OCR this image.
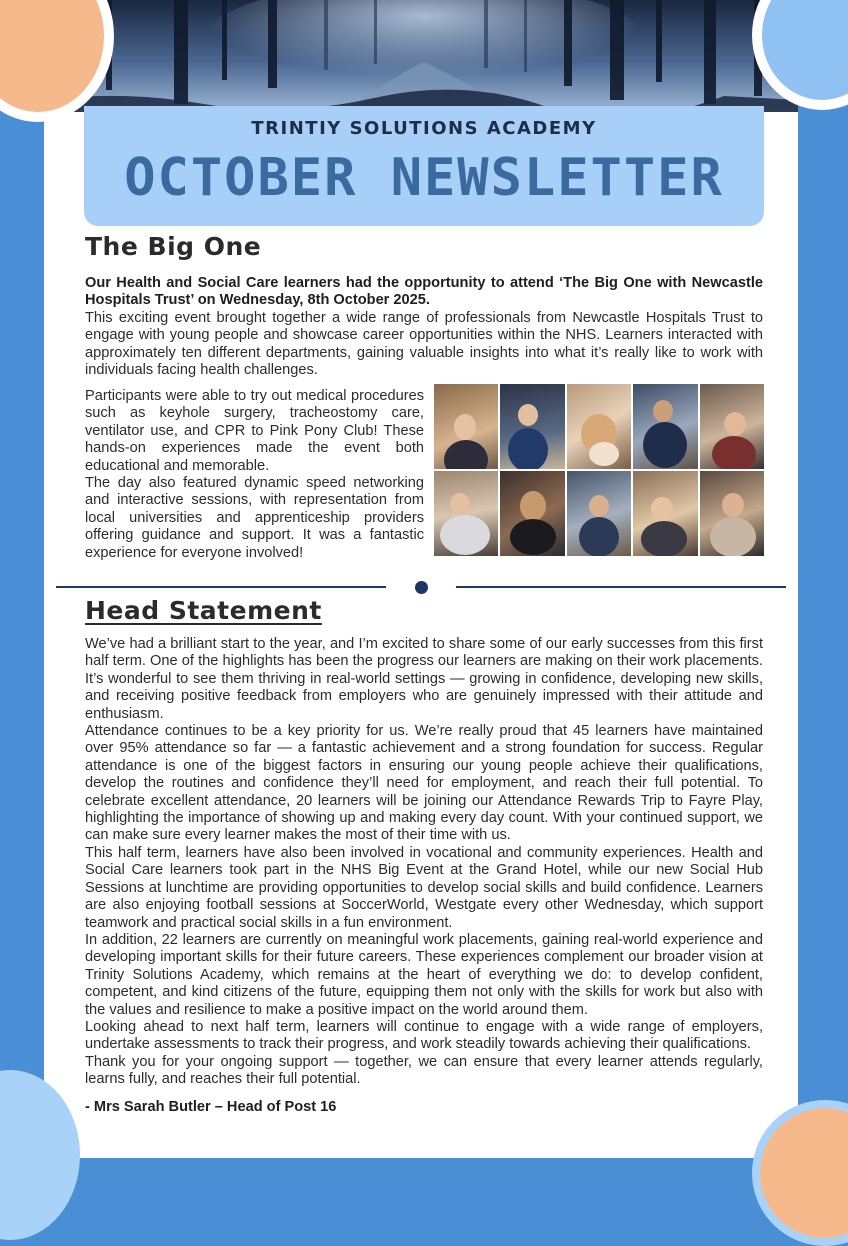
TRINTIY SOLUTIONS ACADEMY
OCTOBER NEWSLETTER
The Big One

Our Health and Social Care learners had the opportunity to attend ‘The Big One with Newcastle Hospitals Trust’ on Wednesday, 8th October 2025.

This exciting event brought together a wide range of professionals from Newcastle Hospitals Trust to engage with young people and showcase career opportunities within the NHS. Learners interacted with approximately ten different departments, gaining valuable insights into what it’s really like to work with individuals facing health challenges.

Participants were able to try out medical procedures such as keyhole surgery, tracheostomy care, ventilator use, and CPR to Pink Pony Club! These hands-on experiences made the event both educational and memorable.

The day also featured dynamic speed networking and interactive sessions, with representation from local universities and apprenticeship providers offering guidance and support. It was a fantastic experience for everyone involved!

Head Statement

We’ve had a brilliant start to the year, and I’m excited to share some of our early successes from this first half term. One of the highlights has been the progress our learners are making on their work placements. It’s wonderful to see them thriving in real-world settings — growing in confidence, developing new skills, and receiving positive feedback from employers who are genuinely impressed with their attitude and enthusiasm.

Attendance continues to be a key priority for us. We’re really proud that 45 learners have maintained over 95% attendance so far — a fantastic achievement and a strong foundation for success. Regular attendance is one of the biggest factors in ensuring our young people achieve their qualifications, develop the routines and confidence they’ll need for employment, and reach their full potential. To celebrate excellent attendance, 20 learners will be joining our Attendance Rewards Trip to Fayre Play, highlighting the importance of showing up and making every day count. With your continued support, we can make sure every learner makes the most of their time with us.

This half term, learners have also been involved in vocational and community experiences. Health and Social Care learners took part in the NHS Big Event at the Grand Hotel, while our new Social Hub Sessions at lunchtime are providing opportunities to develop social skills and build confidence. Learners are also enjoying football sessions at SoccerWorld, Westgate every other Wednesday, which support teamwork and practical social skills in a fun environment.

In addition, 22 learners are currently on meaningful work placements, gaining real-world experience and developing important skills for their future careers. These experiences complement our broader vision at Trinity Solutions Academy, which remains at the heart of everything we do: to develop confident, competent, and kind citizens of the future, equipping them not only with the skills for work but also with the values and resilience to make a positive impact on the world around them.

Looking ahead to next half term, learners will continue to engage with a wide range of employers, undertake assessments to track their progress, and work steadily towards achieving their qualifications.

Thank you for your ongoing support — together, we can ensure that every learner attends regularly, learns fully, and reaches their full potential.

- Mrs Sarah Butler – Head of Post 16
